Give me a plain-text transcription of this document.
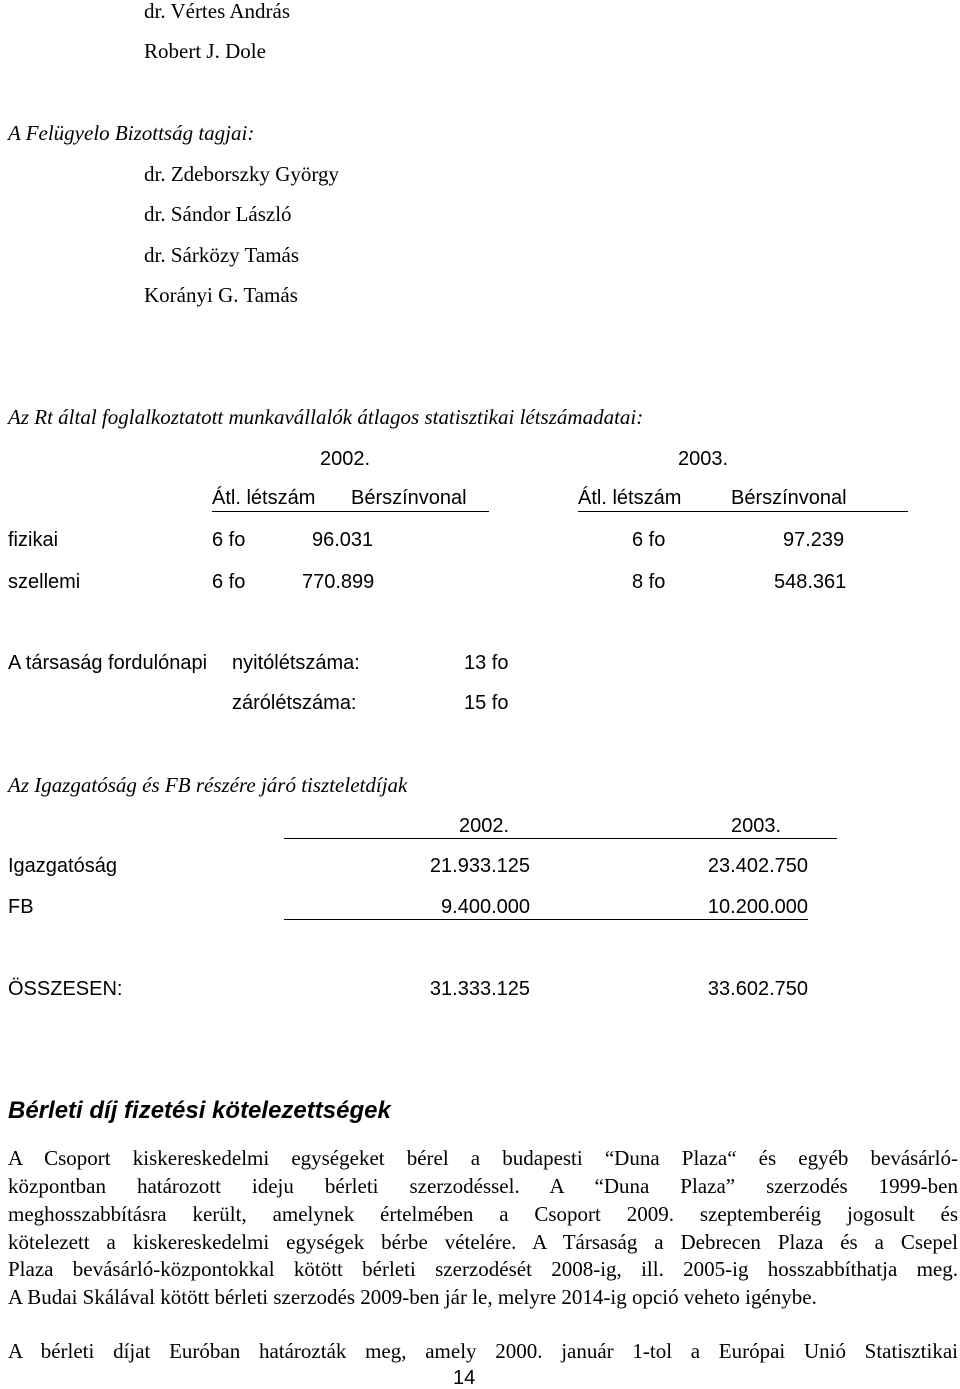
dr. Vértes András
Robert J. Dole
A Felügyelo Bizottság tagjai:
dr. Zdeborszky György
dr. Sándor László
dr. Sárközy Tamás
Korányi G. Tamás
Az Rt által foglalkoztatott munkavállalók átlagos statisztikai létszámadatai:
2002.	2003.
Átl. létszám Bérszínvonal	Átl. létszám Bérszínvonal
fizikai	6 fo	96.031	6 fo	97.239
szellemi	6 fo	770.899	8 fo	548.361
A társaság fordulónapi nyitólétszáma:	13 fo
zárólétszáma:	15 fo
Az Igazgatóság és FB részére járó tiszteletdíjak
2002.	2003.
Igazgatóság	21.933.125	23.402.750
FB	9.400.000	10.200.000
ÖSSZESEN:	31.333.125	33.602.750
Bérleti díj fizetési kötelezettségek
A Csoport kiskereskedelmi egységeket bérel a budapesti “Duna Plaza“ és egyéb bevásárló-
központban határozott ideju bérleti szerzodéssel. A “Duna Plaza” szerzodés 1999-ben
meghosszabbításra került, amelynek értelmében a Csoport 2009. szeptemberéig jogosult és
kötelezett a kiskereskedelmi egységek bérbe vételére. A Társaság a Debrecen Plaza és a Csepel
Plaza bevásárló-központokkal kötött bérleti szerzodését 2008-ig, ill. 2005-ig hosszabbíthatja meg.
A Budai Skálával kötött bérleti szerzodés 2009-ben jár le, melyre 2014-ig opció veheto igénybe.
A bérleti díjat Euróban határozták meg, amely 2000. január 1-tol a Európai Unió Statisztikai
14
